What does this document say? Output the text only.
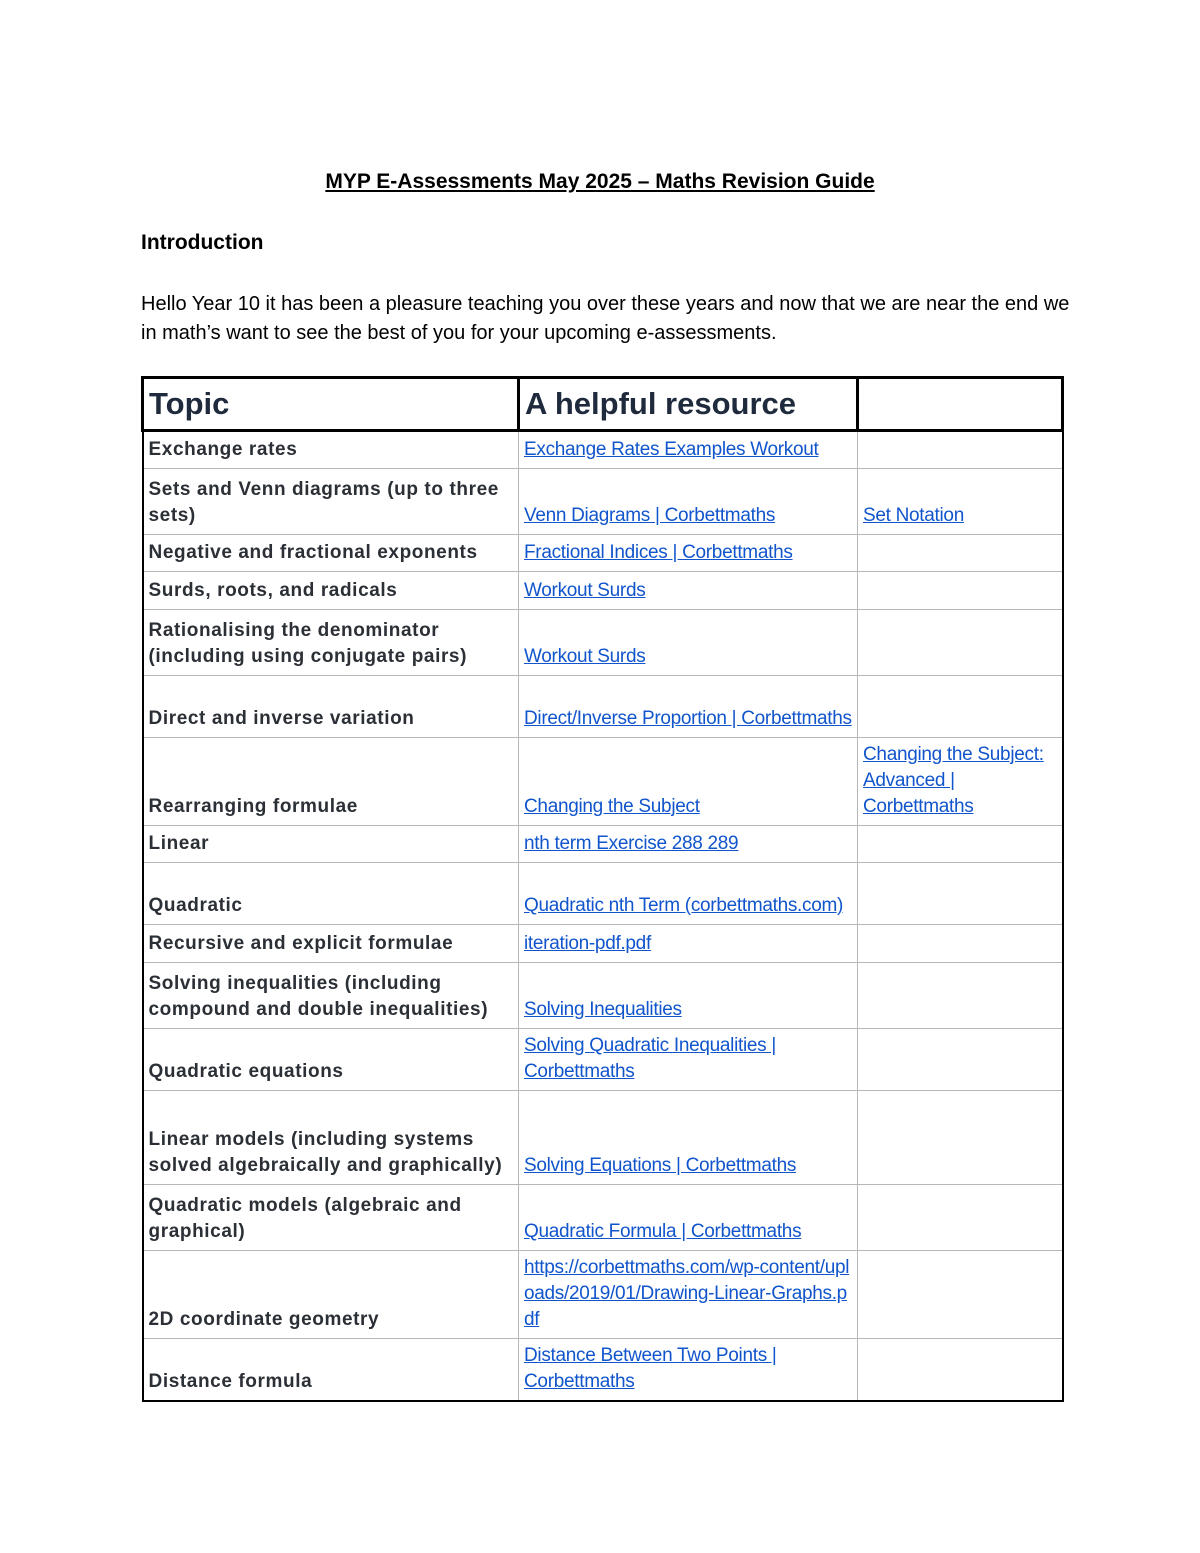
MYP E-Assessments May 2025 – Maths Revision Guide
Introduction

Hello Year 10 it has been a pleasure teaching you over these years and now that we are near the end we in math’s want to see the best of you for your upcoming e-assessments.

Topic	A helpful resource	
Exchange rates	Exchange Rates Examples Workout	
Sets and Venn diagrams (up to three sets)	Venn Diagrams | Corbettmaths	Set Notation
Negative and fractional exponents	Fractional Indices | Corbettmaths	
Surds, roots, and radicals	Workout Surds	
Rationalising the denominator (including using conjugate pairs)	Workout Surds	
Direct and inverse variation	Direct/Inverse Proportion | Corbettmaths	
Rearranging formulae	Changing the Subject	Changing the Subject: Advanced | Corbettmaths
Linear	nth term Exercise 288 289	
Quadratic	Quadratic nth Term (corbettmaths.com)	
Recursive and explicit formulae	iteration-pdf.pdf	
Solving inequalities (including compound and double inequalities)	Solving Inequalities	
Quadratic equations	Solving Quadratic Inequalities | Corbettmaths	
Linear models (including systems solved algebraically and graphically)	Solving Equations | Corbettmaths	
Quadratic models (algebraic and graphical)	Quadratic Formula | Corbettmaths	
2D coordinate geometry	https://corbettmaths.com/wp-content/uploads/2019/01/Drawing-Linear-Graphs.pdf	
Distance formula	Distance Between Two Points | Corbettmaths	
